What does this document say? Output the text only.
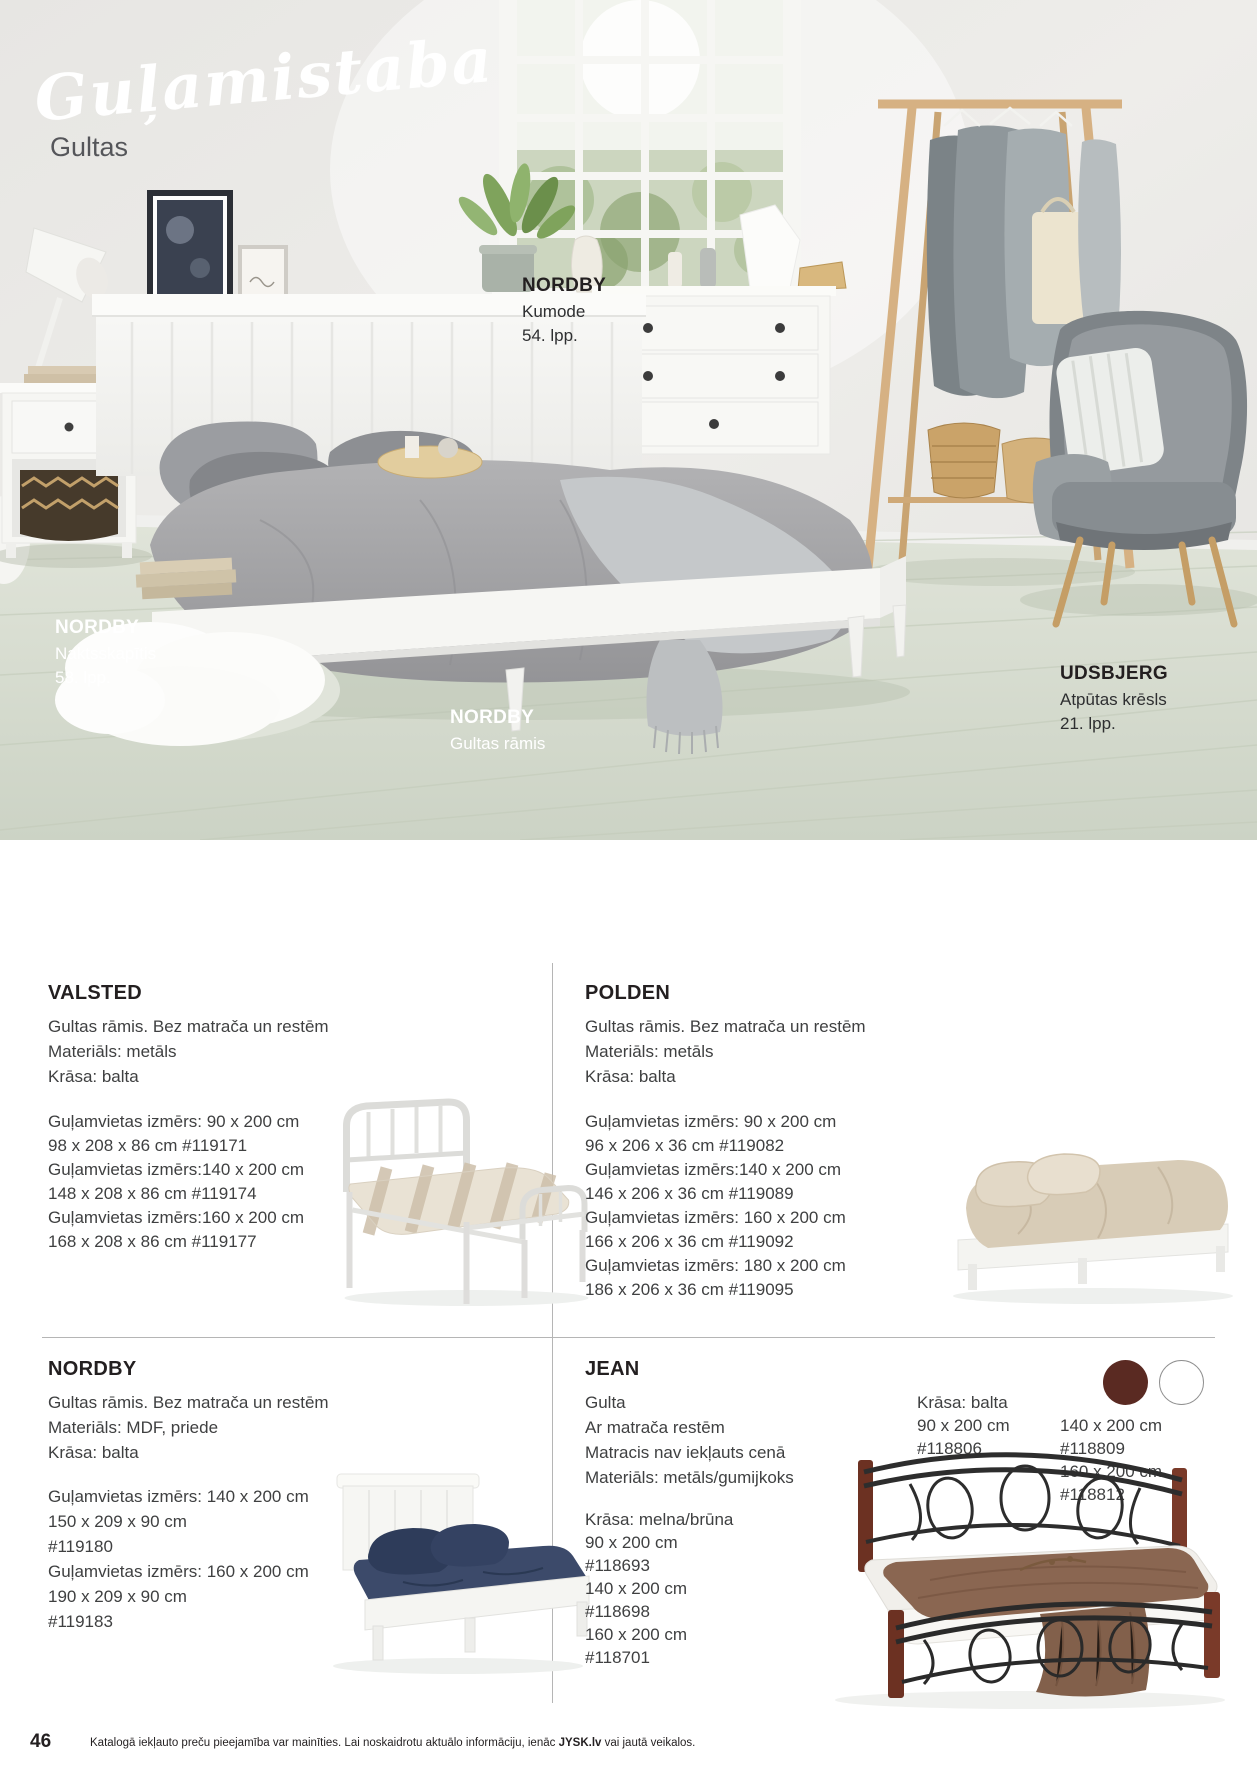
Guļamistaba
Gultas
NORDBY
Kumode
54. lpp.
NORDBY
Naktsskapītis
58. lpp.
NORDBY
Gultas rāmis
UDSBJERG
Atpūtas krēsls
21. lpp.
VALSTED
Gultas rāmis. Bez matrača un restēm
Materiāls: metāls
Krāsa: balta
Guļamvietas izmērs: 90 x 200 cm
98 x 208 x 86 cm #119171
Guļamvietas izmērs:140 x 200 cm
148 x 208 x 86 cm #119174
Guļamvietas izmērs:160 x 200 cm
168 x 208 x 86 cm #119177
POLDEN
Gultas rāmis. Bez matrača un restēm
Materiāls: metāls
Krāsa: balta
Guļamvietas izmērs: 90 x 200 cm
96 x 206 x 36 cm #119082
Guļamvietas izmērs:140 x 200 cm
146 x 206 x 36 cm #119089
Guļamvietas izmērs: 160 x 200 cm
166 x 206 x 36 cm #119092
Guļamvietas izmērs: 180 x 200 cm
186 x 206 x 36 cm #119095
NORDBY
Gultas rāmis. Bez matrača un restēm
Materiāls: MDF, priede
Krāsa: balta
Guļamvietas izmērs: 140 x 200 cm
150 x 209 x 90 cm
#119180
Guļamvietas izmērs: 160 x 200 cm
190 x 209 x 90 cm
#119183
JEAN
Gulta
Ar matrača restēm
Matracis nav iekļauts cenā
Materiāls: metāls/gumijkoks
Krāsa: melna/brūna
90 x 200 cm
#118693
140 x 200 cm
#118698
160 x 200 cm
#118701
Krāsa: balta
90 x 200 cm
#118806
140 x 200 cm
#118809
160 x 200 cm
#118812
46	Katalogā iekļauto preču pieejamība var mainīties. Lai noskaidrotu aktuālo informāciju, ienāc JYSK.lv vai jautā veikalos.
